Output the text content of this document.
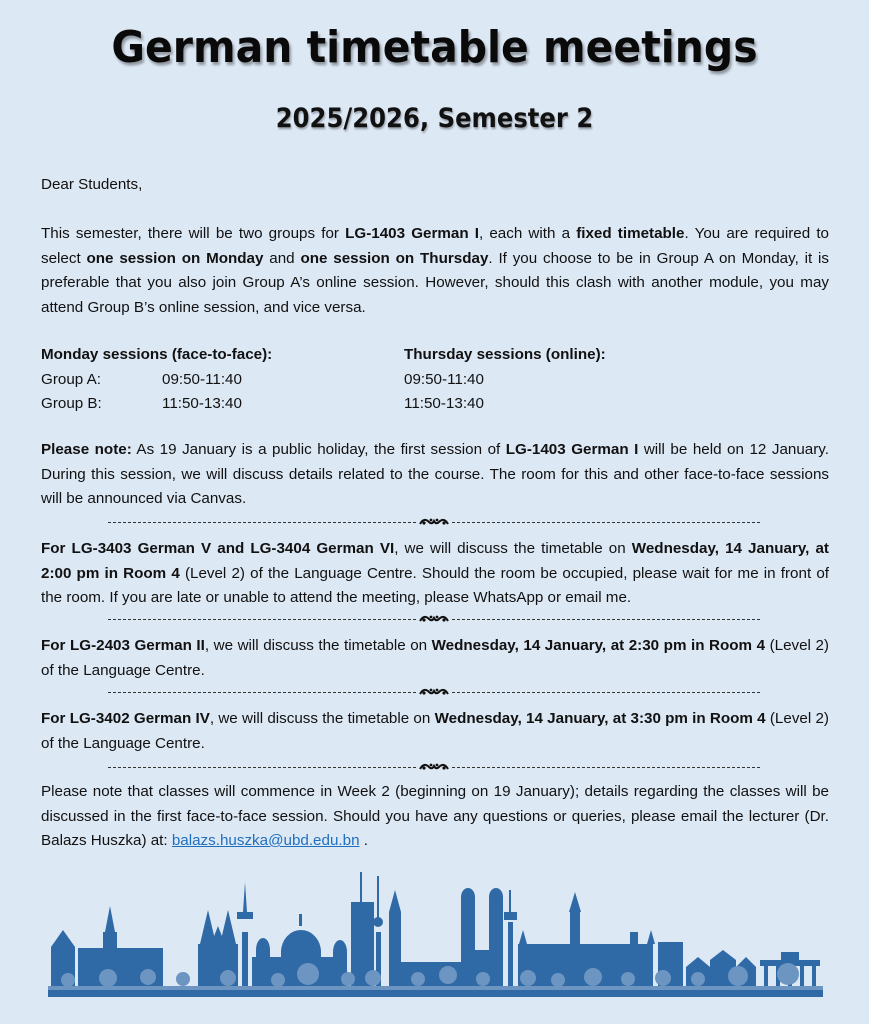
German timetable meetings
2025/2026, Semester 2
Dear Students,

This semester, there will be two groups for LG-1403 German I, each with a fixed timetable. You are required to select one session on Monday and one session on Thursday. If you choose to be in Group A on Monday, it is preferable that you also join Group A’s online session. However, should this clash with another module, you may attend Group B’s online session, and vice versa.

Monday sessions (face-to-face):
Group A:	09:50-11:40
Group B:	11:50-13:40
Thursday sessions (online):
09:50-11:40
11:50-13:40

Please note: As 19 January is a public holiday, the first session of LG-1403 German I will be held on 12 January. During this session, we will discuss details related to the course. The room for this and other face-to-face sessions will be announced via Canvas.

For LG-3403 German V and LG-3404 German VI, we will discuss the timetable on Wednesday, 14 January, at 2:00 pm in Room 4 (Level 2) of the Language Centre. Should the room be occupied, please wait for me in front of the room. If you are late or unable to attend the meeting, please WhatsApp or email me.

For LG-2403 German II, we will discuss the timetable on Wednesday, 14 January, at 2:30 pm in Room 4 (Level 2) of the Language Centre.

For LG-3402 German IV, we will discuss the timetable on Wednesday, 14 January, at 3:30 pm in Room 4 (Level 2) of the Language Centre.

Please note that classes will commence in Week 2 (beginning on 19 January); details regarding the classes will be discussed in the first face-to-face session. Should you have any questions or queries, please email the lecturer (Dr. Balazs Huszka) at: balazs.huszka@ubd.edu.bn .
